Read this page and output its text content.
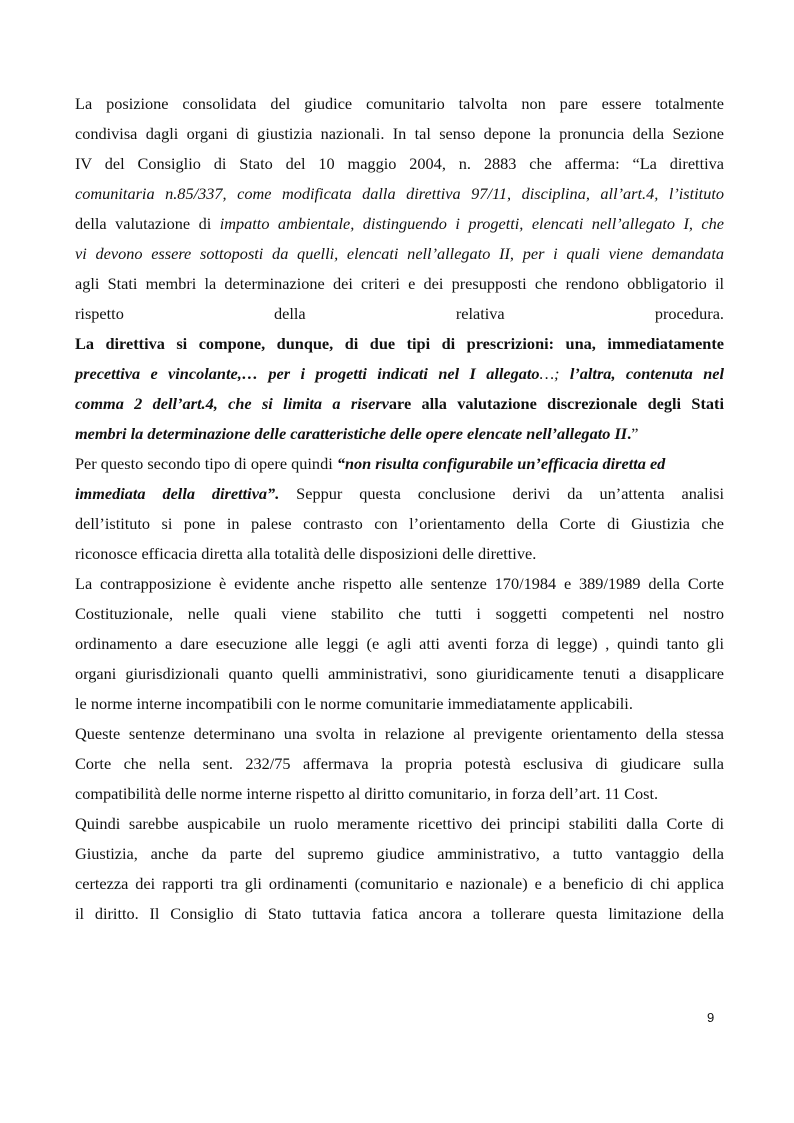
La posizione consolidata del giudice comunitario talvolta non pare essere totalmente
condivisa dagli organi di giustizia nazionali. In tal senso depone la pronuncia della Sezione
IV del Consiglio di Stato del 10 maggio 2004, n. 2883 che afferma: “La direttiva
comunitaria n.85/337, come modificata dalla direttiva 97/11, disciplina, all’art.4, l’istituto
della valutazione di impatto ambientale, distinguendo i progetti, elencati nell’allegato I, che
vi devono essere sottoposti da quelli, elencati nell’allegato II, per i quali viene demandata
agli Stati membri la determinazione dei criteri e dei presupposti che rendono obbligatorio il
rispetto della relativa procedura.
La direttiva si compone, dunque, di due tipi di prescrizioni: una, immediatamente
precettiva e vincolante,… per i progetti indicati nel I allegato…; l’altra, contenuta nel
comma 2 dell’art.4, che si limita a riservare alla valutazione discrezionale degli Stati
membri la determinazione delle caratteristiche delle opere elencate nell’allegato II.”
Per questo secondo tipo di opere quindi “non risulta configurabile un’efficacia diretta ed
immediata della direttiva”. Seppur questa conclusione derivi da un’attenta analisi
dell’istituto si pone in palese contrasto con l’orientamento della Corte di Giustizia che
riconosce efficacia diretta alla totalità delle disposizioni delle direttive.
La contrapposizione è evidente anche rispetto alle sentenze 170/1984 e 389/1989 della Corte
Costituzionale, nelle quali viene stabilito che tutti i soggetti competenti nel nostro
ordinamento a dare esecuzione alle leggi (e agli atti aventi forza di legge) , quindi tanto gli
organi giurisdizionali quanto quelli amministrativi, sono giuridicamente tenuti a disapplicare
le norme interne incompatibili con le norme comunitarie immediatamente applicabili.
Queste sentenze determinano una svolta in relazione al previgente orientamento della stessa
Corte che nella sent. 232/75 affermava la propria potestà esclusiva di giudicare sulla
compatibilità delle norme interne rispetto al diritto comunitario, in forza dell’art. 11 Cost.
Quindi sarebbe auspicabile un ruolo meramente ricettivo dei principi stabiliti dalla Corte di
Giustizia, anche da parte del supremo giudice amministrativo, a tutto vantaggio della
certezza dei rapporti tra gli ordinamenti (comunitario e nazionale) e a beneficio di chi applica
il diritto. Il Consiglio di Stato tuttavia fatica ancora a tollerare questa limitazione della
9
